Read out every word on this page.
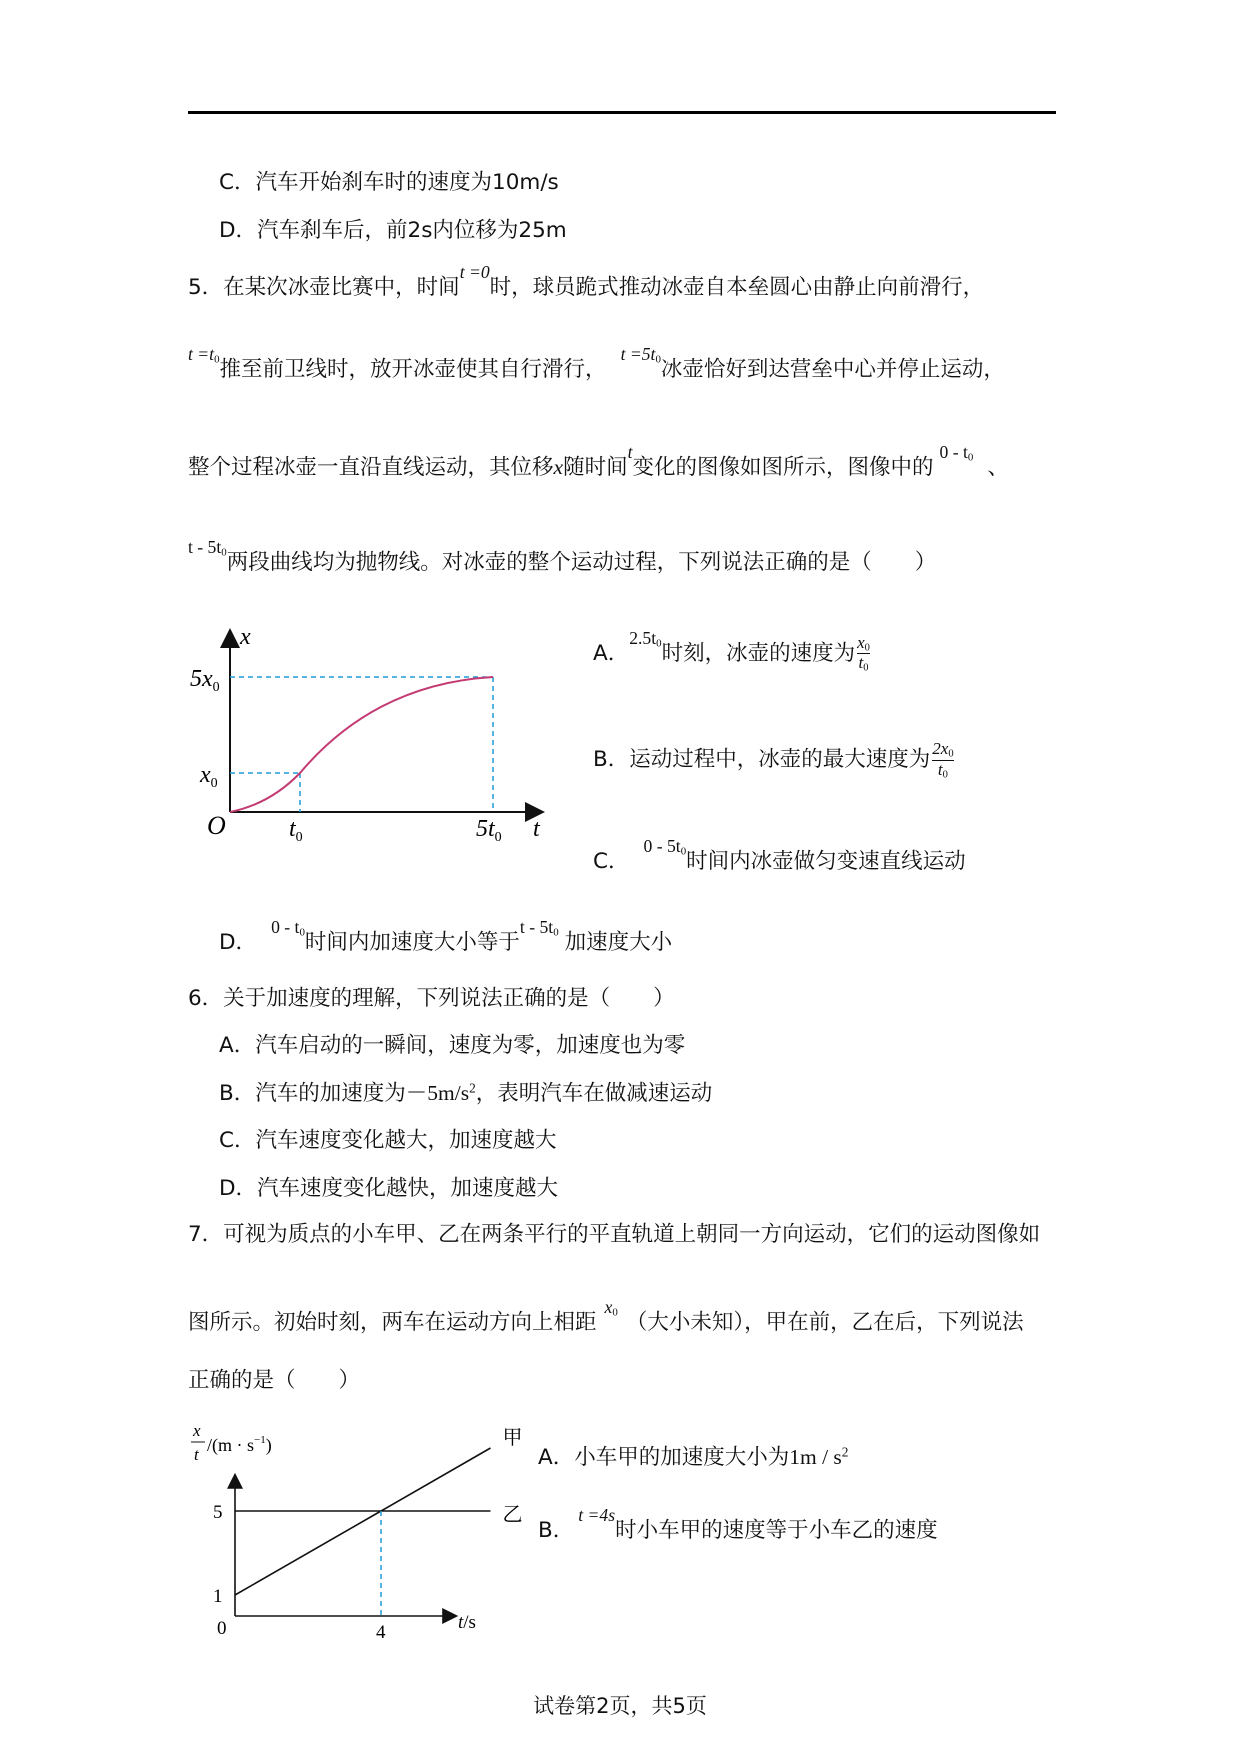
C．汽车开始刹车时的速度为10m/s
D．汽车刹车后，前2s内位移为25m
5．在某次冰壶比赛中，时间$^{t =0}$时，球员跪式推动冰壶自本垒圆心由静止向前滑行，
$^{t =t_0}$推至前卫线时，放开冰壶使其自行滑行，$^{t =5t_0}$冰壶恰好到达营垒中心并停止运动，
整个过程冰壶一直沿直线运动，其位移x随时间$^t$变化的图像如图所示，图像中的$^{0 - t_0}$ 、
$^{t - 5t_0}$两段曲线均为抛物线。对冰壶的整个运动过程，下列说法正确的是（　　）
x
$5x_0$
$x_0$
O	$t_0$	$5t_0$ t
A．$^{2.5t_0}$时刻，冰壶的速度为 $\frac{x_0}{t_0}$
B．运动过程中，冰壶的最大速度为 $\frac{2x_0}{t_0}$
C．$^{0 - 5t_0}$时间内冰壶做匀变速直线运动
D．$^{0 - t_0}$时间内加速度大小等于$^{t - 5t_0}$ 加速度大小
6．关于加速度的理解，下列说法正确的是（　　）
A．汽车启动的一瞬间，速度为零，加速度也为零
B．汽车的加速度为$-5m/s^2$，表明汽车在做减速运动
C．汽车速度变化越大，加速度越大
D．汽车速度变化越快，加速度越大
7．可视为质点的小车甲、乙在两条平行的平直轨道上朝同一方向运动，它们的运动图像如
图所示。初始时刻，两车在运动方向上相距$^{x_0}$ （大小未知），甲在前，乙在后，下列说法
正确的是（　　）
甲
乙
5
1
0	4
x
t $/(m \cdot s^{-1})$
t/s
A．小车甲的加速度大小为$1m / s^2$
B．$^{t =4s}$时小车甲的速度等于小车乙的速度
试卷第2页，共5页
